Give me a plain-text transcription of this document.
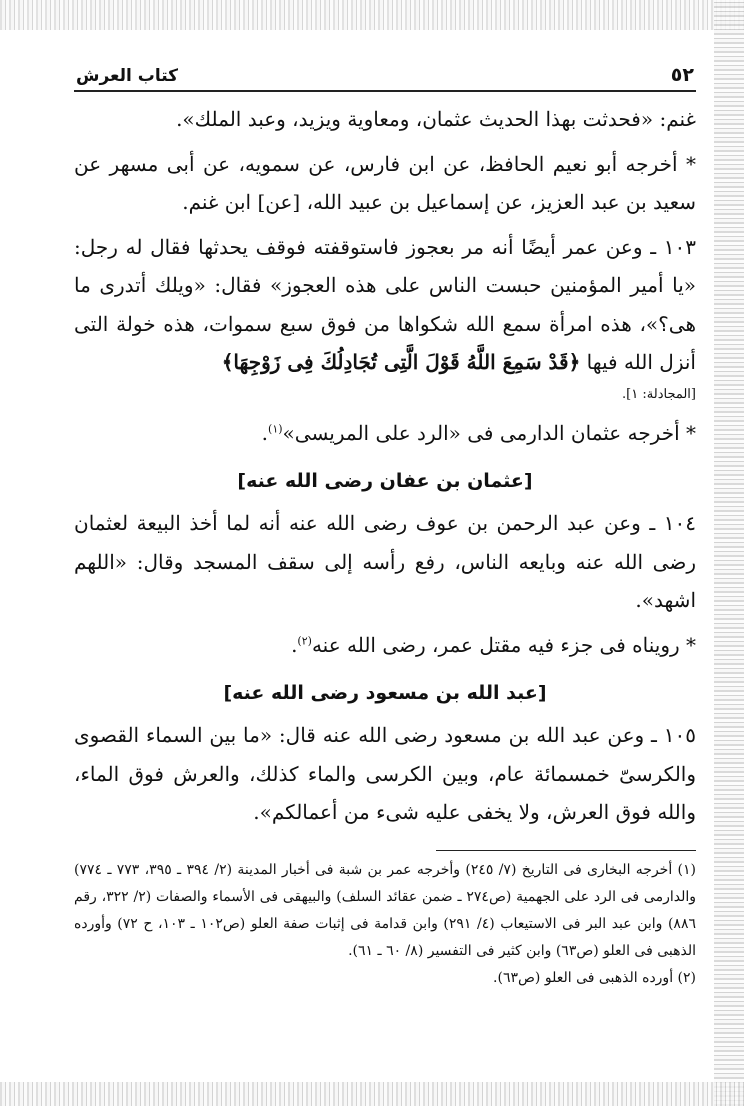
٥٢
كتاب العرش

غنم: «فحدثت بهذا الحديث عثمان، ومعاوية ويزيد، وعبد الملك».

* أخرجه أبو نعيم الحافظ، عن ابن فارس، عن سمويه، عن أبى مسهر عن سعيد بن عبد العزيز، عن إسماعيل بن عبيد الله، [عن] ابن غنم.

١٠٣ ـ وعن عمر أيضًا أنه مر بعجوز فاستوقفته فوقف يحدثها فقال له رجل: «يا أمير المؤمنين حبست الناس على هذه العجوز» فقال: «ويلك أتدرى ما هى؟»، هذه امرأة سمع الله شكواها من فوق سبع سموات، هذه خولة التى أنزل الله فيها ﴿قَدْ سَمِعَ اللَّهُ قَوْلَ الَّتِى تُجَادِلُكَ فِى زَوْجِهَا﴾

[المجادلة: ١].

* أخرجه عثمان الدارمى فى «الرد على المريسى»$^{(١)}$.

[عثمان بن عفان رضى الله عنه]

١٠٤ ـ وعن عبد الرحمن بن عوف رضى الله عنه أنه لما أخذ البيعة لعثمان رضى الله عنه وبايعه الناس، رفع رأسه إلى سقف المسجد وقال: «اللهم اشهد».

* رويناه فى جزء فيه مقتل عمر، رضى الله عنه$^{(٢)}$.

[عبد الله بن مسعود رضى الله عنه]

١٠٥ ـ وعن عبد الله بن مسعود رضى الله عنه قال: «ما بين السماء القصوى والكرسىّ خمسمائة عام، وبين الكرسى والماء كذلك، والعرش فوق الماء، والله فوق العرش، ولا يخفى عليه شىء من أعمالكم».

(١) أخرجه البخارى فى التاريخ (٧/ ٢٤٥) وأخرجه عمر بن شبة فى أخبار المدينة (٢/ ٣٩٤ ـ ٣٩٥، ٧٧٣ ـ ٧٧٤) والدارمى فى الرد على الجهمية (ص٢٧٤ ـ ضمن عقائد السلف) والبيهقى فى الأسماء والصفات (٢/ ٣٢٢، رقم ٨٨٦) وابن عبد البر فى الاستيعاب (٤/ ٢٩١) وابن قدامة فى إثبات صفة العلو (ص١٠٢ ـ ١٠٣، ح ٧٢) وأورده الذهبى فى العلو (ص٦٣) وابن كثير فى التفسير (٨/ ٦٠ ـ ٦١).

(٢) أورده الذهبى فى العلو (ص٦٣).
